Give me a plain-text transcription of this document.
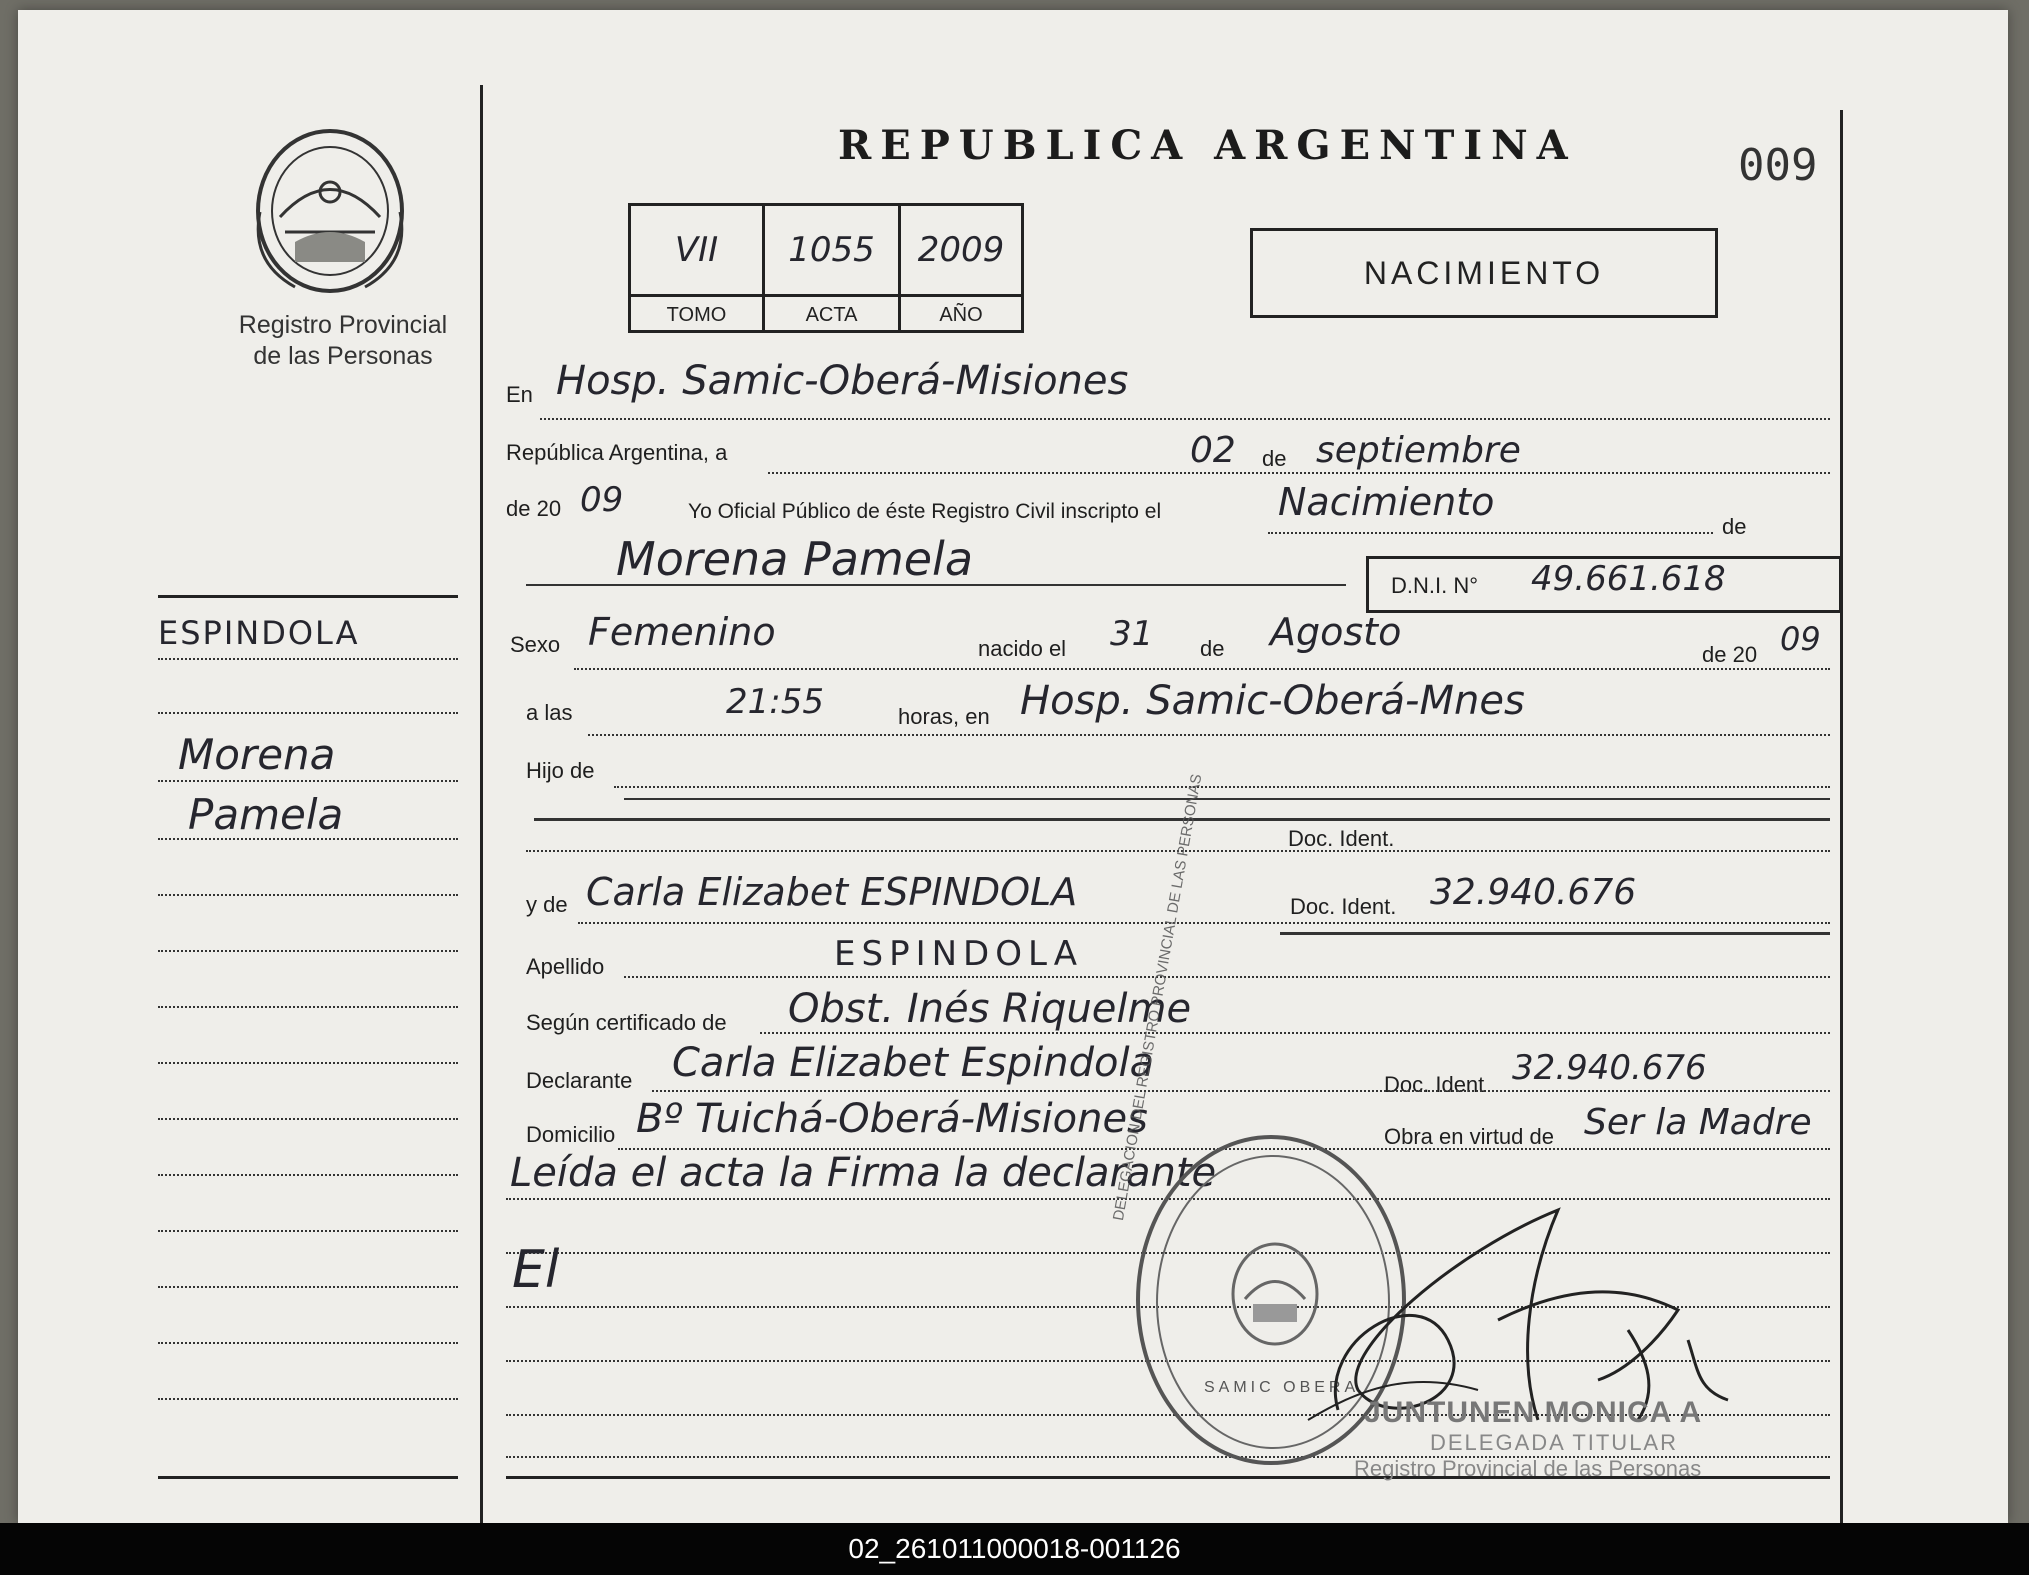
Registro Provincial
de las Personas
REPUBLICA ARGENTINA	009
VII	1055	2009
TOMO	ACTA	AÑO
NACIMIENTO
ESPINDOLA
Morena
Pamela
En Hosp. Samic-Oberá-Misiones
República Argentina, a	02 de septiembre
de 20 09	Yo Oficial Público de éste Registro Civil inscripto el	Nacimiento
de
Morena Pamela	D.N.I. N° 49.661.618
Sexo Femenino	nacido el 31 de Agosto
de 20 09
a las	21:55	horas, en Hosp. Samic-Oberá-Mnes
Hijo de
Doc. Ident.
y de Carla Elizabet ESPINDOLA	Doc. Ident. 32.940.676
Apellido	ESPINDOLA
Según certificado de Obst. Inés Riquelme
Declarante Carla Elizabet Espindola	Doc. Ident 32.940.676
Domicilio Bº Tuichá-Oberá-Misiones	Obra en virtud de Ser la Madre
Leída el acta la Firma la declarante
El
DELEGACION DEL REGISTRO PROVINCIAL DE LAS PERSONAS
SAMIC OBERA
JUNTUNEN MONICA A
DELEGADA TITULAR
Registro Provincial de las Personas
02_261011000018-001126
